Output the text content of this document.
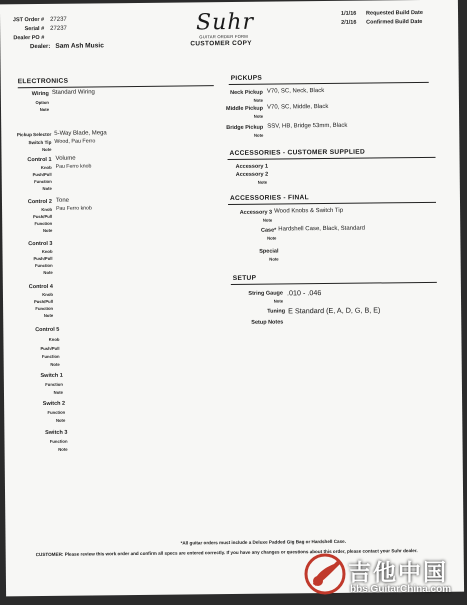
JST Order # 27237
Serial # 27237
Dealer PO #
Dealer: Sam Ash Music
Suhr
GUITAR ORDER FORM
CUSTOMER COPY
1/1/16 Requested Build Date
2/1/16 Confirmed Build Date
ELECTRONICS
Wiring Standard Wiring
Option
Note
Pickup Selector 5-Way Blade, Mega
Switch Tip Wood, Pau Ferro
Note
Control 1 Volume
Knob Pau Ferro knob
Push/Pull
Function
Note
Control 2 Tone
Knob Pau Ferro knob
Push/Pull
Function
Note
Control 3
Knob
Push/Pull
Function
Note
Control 4
Knob
Push/Pull
Function
Note
Control 5
Knob
Push/Pull
Function
Note
Switch 1
Function
Note
Switch 2
Function
Note
Switch 3
Function
Note
PICKUPS
Neck Pickup V70, SC, Neck, Black
Note
Middle Pickup V70, SC, Middle, Black
Note
Bridge Pickup SSV, HB, Bridge 53mm, Black
Note
ACCESSORIES - CUSTOMER SUPPLIED
Accessory 1
Accessory 2
Note
ACCESSORIES - FINAL
Accessory 3 Wood Knobs & Switch Tip
Note
Case* Hardshell Case, Black, Standard
Note
Special
Note
SETUP
String Gauge .010 - .046
Note
Tuning E Standard (E, A, D, G, B, E)
Setup Notes
*All guitar orders must include a Deluxe Padded Gig Bag or Hardshell Case.
CUSTOMER: Please review this work order and confirm all specs are entered correctly. If you have any changes or questions about this order, please contact your Suhr dealer.
吉他中国
bbs.GuitarChina.com
